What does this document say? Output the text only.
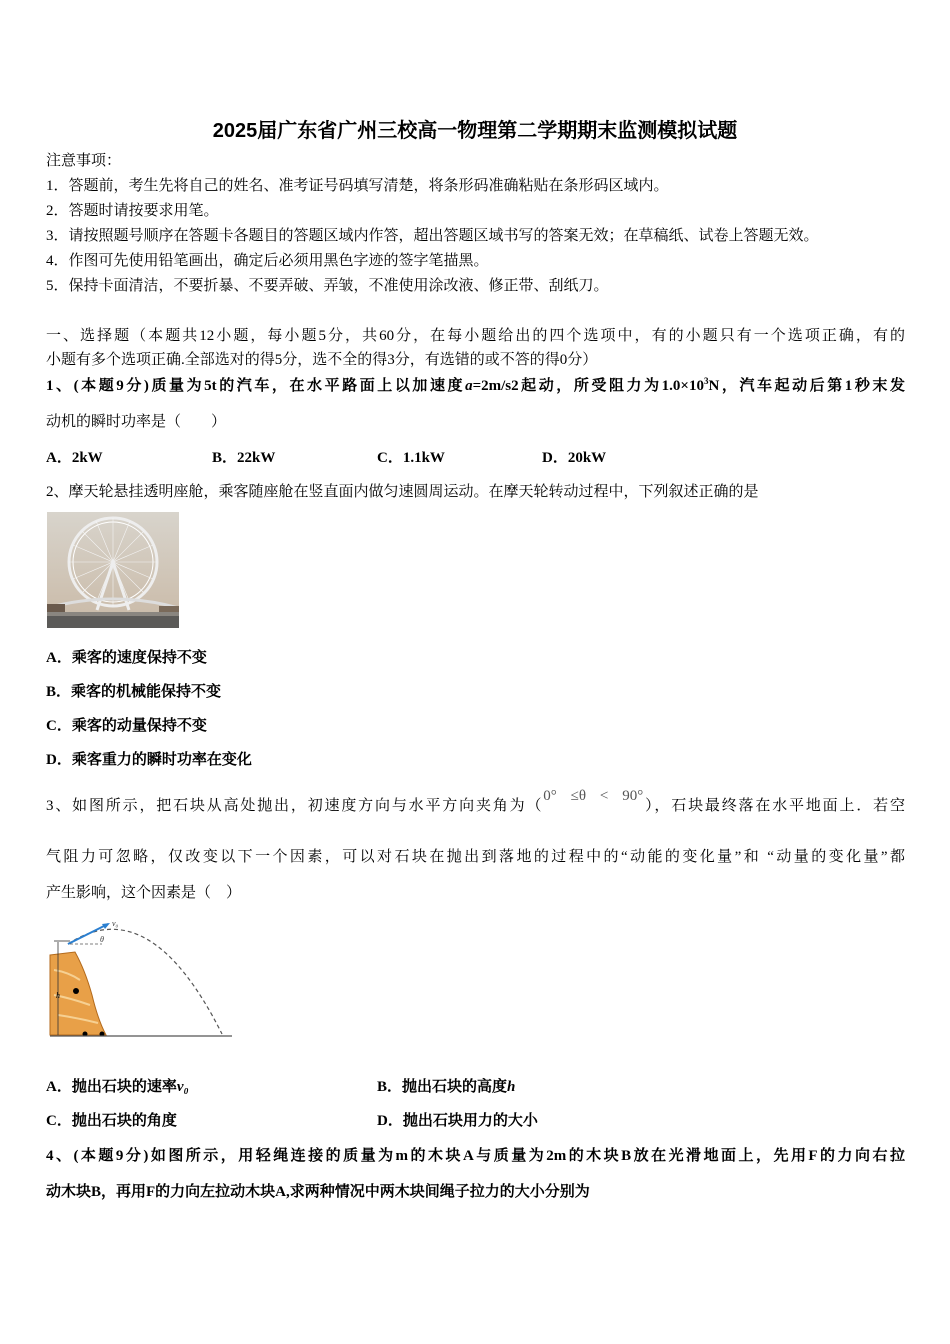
2025届广东省广州三校高一物理第二学期期末监测模拟试题
注意事项：
1．答题前，考生先将自己的姓名、准考证号码填写清楚，将条形码准确粘贴在条形码区域内。
2．答题时请按要求用笔。
3．请按照题号顺序在答题卡各题目的答题区域内作答，超出答题区域书写的答案无效；在草稿纸、试卷上答题无效。
4．作图可先使用铅笔画出，确定后必须用黑色字迹的签字笔描黑。
5．保持卡面清洁，不要折暴、不要弄破、弄皱，不准使用涂改液、修正带、刮纸刀。
一、选择题（本题共12小题，每小题5分，共60分，在每小题给出的四个选项中，有的小题只有一个选项正确，有的
小题有多个选项正确.全部选对的得5分，选不全的得3分，有选错的或不答的得0分）
1、(本题9分)质量为5t的汽车，在水平路面上以加速度a=2m/s2起动，所受阻力为$1.0\times 10^3N$，汽车起动后第1秒末发
动机的瞬时功率是（　　）
A．2kW	B．22kW	C．1.1kW	D．20kW
2、摩天轮悬挂透明座舱，乘客随座舱在竖直面内做匀速圆周运动。在摩天轮转动过程中，下列叙述正确的是
A．乘客的速度保持不变
B．乘客的机械能保持不变
C．乘客的动量保持不变
D．乘客重力的瞬时功率在变化
3、如图所示，把石块从高处抛出，初速度方向与水平方向夹角为（0° ≤θ < 90°），石块最终落在水平地面上．若空
气阻力可忽略，仅改变以下一个因素，可以对石块在抛出到落地的过程中的“动能的变化量”和 “动量的变化量”都
产生影响，这个因素是（　）
h
v₀
θ
A．抛出石块的速率v₀	B．抛出石块的高度h
C．抛出石块的角度	D．抛出石块用力的大小
4、(本题9分)如图所示，用轻绳连接的质量为m的木块A与质量为2m的木块B放在光滑地面上，先用F的力向右拉
动木块B，再用F的力向左拉动木块A,求两种情况中两木块间绳子拉力的大小分别为
